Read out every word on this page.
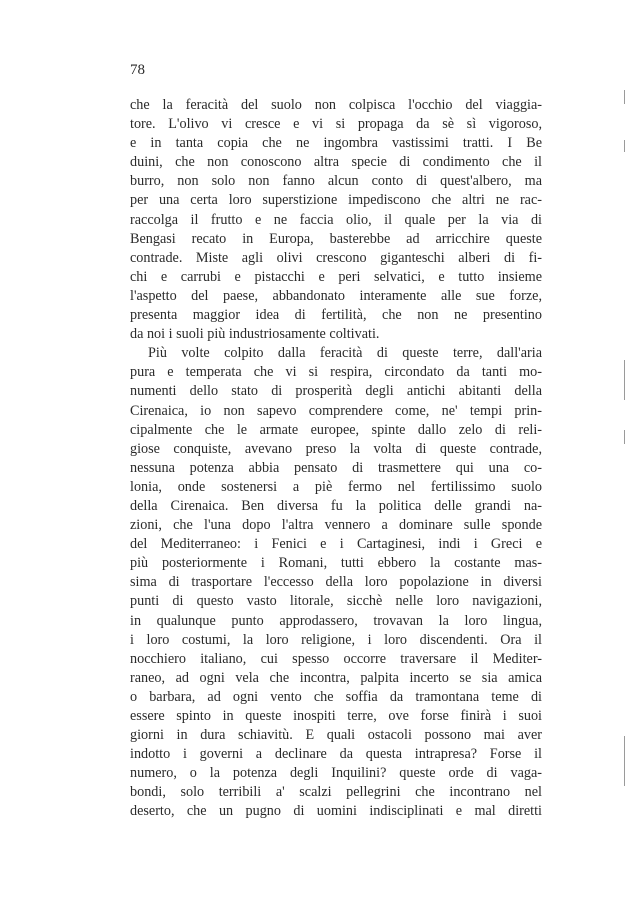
78
che la feracità del suolo non colpisca l'occhio del viaggia-
tore. L'olivo vi cresce e vi si propaga da sè sì vigoroso,
e in tanta copia che ne ingombra vastissimi tratti. I Be
duini, che non conoscono altra specie di condimento che il
burro, non solo non fanno alcun conto di quest'albero, ma
per una certa loro superstizione impediscono che altri ne rac-
raccolga il frutto e ne faccia olio, il quale per la via di
Bengasi recato in Europa, basterebbe ad arricchire queste
contrade. Miste agli olivi crescono giganteschi alberi di fi-
chi e carrubi e pistacchi e peri selvatici, e tutto insieme
l'aspetto del paese, abbandonato interamente alle sue forze,
presenta maggior idea di fertilità, che non ne presentino
da noi i suoli più industriosamente coltivati.
Più volte colpito dalla feracità di queste terre, dall'aria
pura e temperata che vi si respira, circondato da tanti mo-
numenti dello stato di prosperità degli antichi abitanti della
Cirenaica, io non sapevo comprendere come, ne' tempi prin-
cipalmente che le armate europee, spinte dallo zelo di reli-
giose conquiste, avevano preso la volta di queste contrade,
nessuna potenza abbia pensato di trasmettere qui una co-
lonia, onde sostenersi a piè fermo nel fertilissimo suolo
della Cirenaica. Ben diversa fu la politica delle grandi na-
zioni, che l'una dopo l'altra vennero a dominare sulle sponde
del Mediterraneo: i Fenici e i Cartaginesi, indi i Greci e
più posteriormente i Romani, tutti ebbero la costante mas-
sima di trasportare l'eccesso della loro popolazione in diversi
punti di questo vasto litorale, sicchè nelle loro navigazioni,
in qualunque punto approdassero, trovavan la loro lingua,
i loro costumi, la loro religione, i loro discendenti. Ora il
nocchiero italiano, cui spesso occorre traversare il Mediter-
raneo, ad ogni vela che incontra, palpita incerto se sia amica
o barbara, ad ogni vento che soffia da tramontana teme di
essere spinto in queste inospiti terre, ove forse finirà i suoi
giorni in dura schiavitù. E quali ostacoli possono mai aver
indotto i governi a declinare da questa intrapresa? Forse il
numero, o la potenza degli Inquilini? queste orde di vaga-
bondi, solo terribili a' scalzi pellegrini che incontrano nel
deserto, che un pugno di uomini indisciplinati e mal diretti
